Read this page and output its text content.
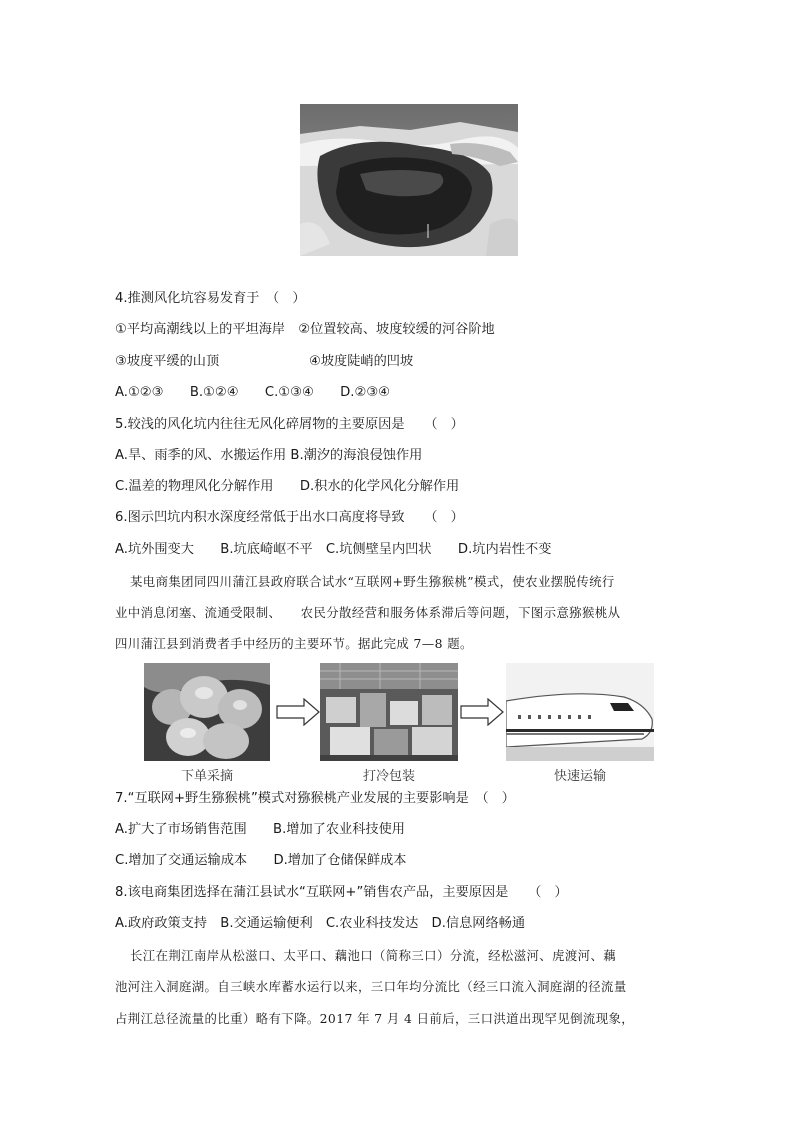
4.推测风化坑容易发育于　（　）
①平均高潮线以上的平坦海岸　②位置较高、坡度较缓的河谷阶地
③坡度平缓的山顶	④坡度陡峭的凹坡
A.①②③　　B.①②④　　C.①③④　　D.②③④
5.较浅的风化坑内往往无风化碎屑物的主要原因是　　（　）
A.旱、雨季的风、水搬运作用 B.潮汐的海浪侵蚀作用
C.温差的物理风化分解作用　　D.积水的化学风化分解作用
6.图示凹坑内积水深度经常低于出水口高度将导致　　（　）
A.坑外围变大　　B.坑底崎岖不平　C.坑侧壁呈内凹状　　D.坑内岩性不变
某电商集团同四川蒲江县政府联合试水“互联网+野生猕猴桃”模式，使农业摆脱传统行
业中消息闭塞、流通受限制、　　农民分散经营和服务体系滞后等问题，下图示意猕猴桃从
四川蒲江县到消费者手中经历的主要环节。据此完成 7—8 题。
下单采摘	打冷包装	快速运输
7.“互联网+野生猕猴桃”模式对猕猴桃产业发展的主要影响是　（　）
A.扩大了市场销售范围　　B.增加了农业科技使用
C.增加了交通运输成本　　D.增加了仓储保鲜成本
8.该电商集团选择在蒲江县试水“互联网+”销售农产品，主要原因是　　（　）
A.政府政策支持　B.交通运输便利　C.农业科技发达　D.信息网络畅通
长江在荆江南岸从松滋口、太平口、藕池口（简称三口）分流，经松滋河、虎渡河、藕
池河注入洞庭湖。自三峡水库蓄水运行以来，三口年均分流比（经三口流入洞庭湖的径流量
占荆江总径流量的比重）略有下降。2017 年 7 月 4 日前后，三口洪道出现罕见倒流现象，
